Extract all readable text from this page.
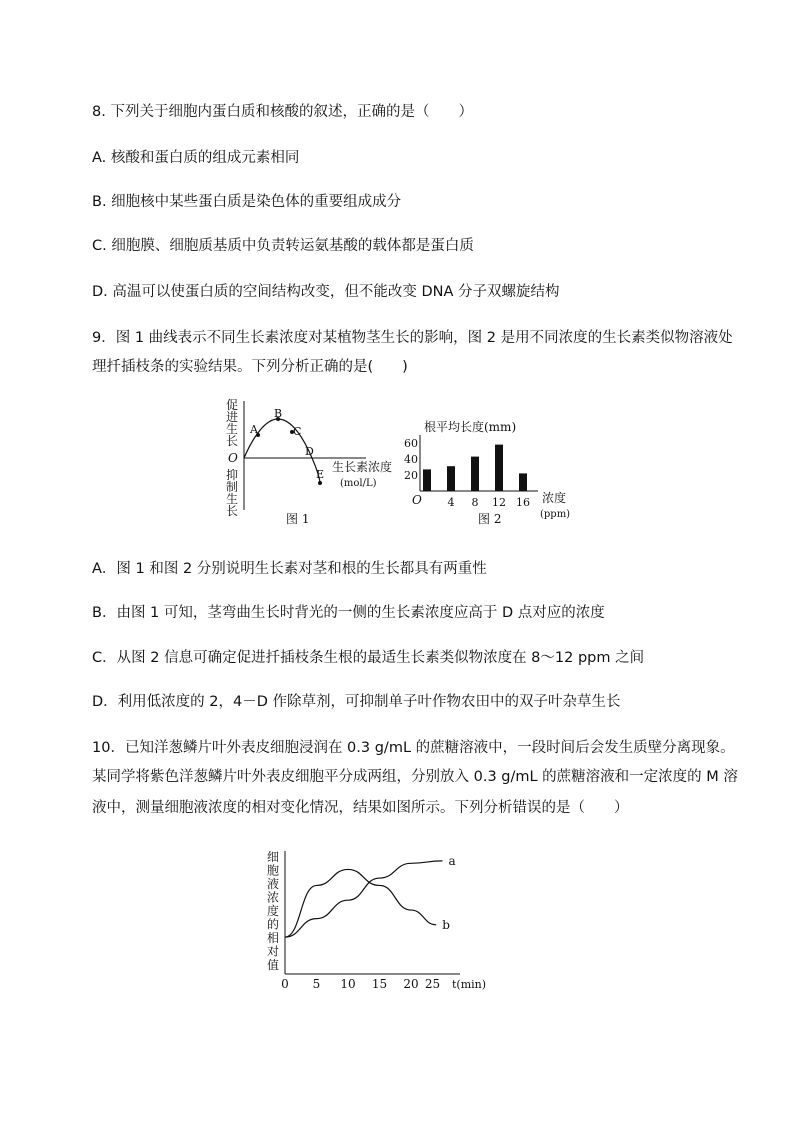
8. 下列关于细胞内蛋白质和核酸的叙述，正确的是（　　）
A. 核酸和蛋白质的组成元素相同
B. 细胞核中某些蛋白质是染色体的重要组成成分
C. 细胞膜、细胞质基质中负责转运氨基酸的载体都是蛋白质
D. 高温可以使蛋白质的空间结构改变，但不能改变 DNA 分子双螺旋结构
9．图 1 曲线表示不同生长素浓度对某植物茎生长的影响，图 2 是用不同浓度的生长素类似物溶液处
理扦插枝条的实验结果。下列分析正确的是(　　)
促
进
生
长
O
抑
制
生
长
A
B
C
D
E
生长素浓度
(mol/L)
图 1
根平均长度(mm)
20
40
60
4 8 12 16
O	浓度
(ppm)
图 2
A．图 1 和图 2 分别说明生长素对茎和根的生长都具有两重性
B．由图 1 可知，茎弯曲生长时背光的一侧的生长素浓度应高于 D 点对应的浓度
C．从图 2 信息可确定促进扦插枝条生根的最适生长素类似物浓度在 8～12 ppm 之间
D．利用低浓度的 2，4－D 作除草剂，可抑制单子叶作物农田中的双子叶杂草生长
10．已知洋葱鳞片叶外表皮细胞浸润在 0.3 g/mL 的蔗糖溶液中，一段时间后会发生质壁分离现象。
某同学将紫色洋葱鳞片叶外表皮细胞平分成两组，分别放入 0.3 g/mL 的蔗糖溶液和一定浓度的 M 溶
液中，测量细胞液浓度的相对变化情况，结果如图所示。下列分析错误的是（　　）
细
胞
液
浓
度
的
相
对
值
0 5 10 15 20 25
a
b
t(min)
